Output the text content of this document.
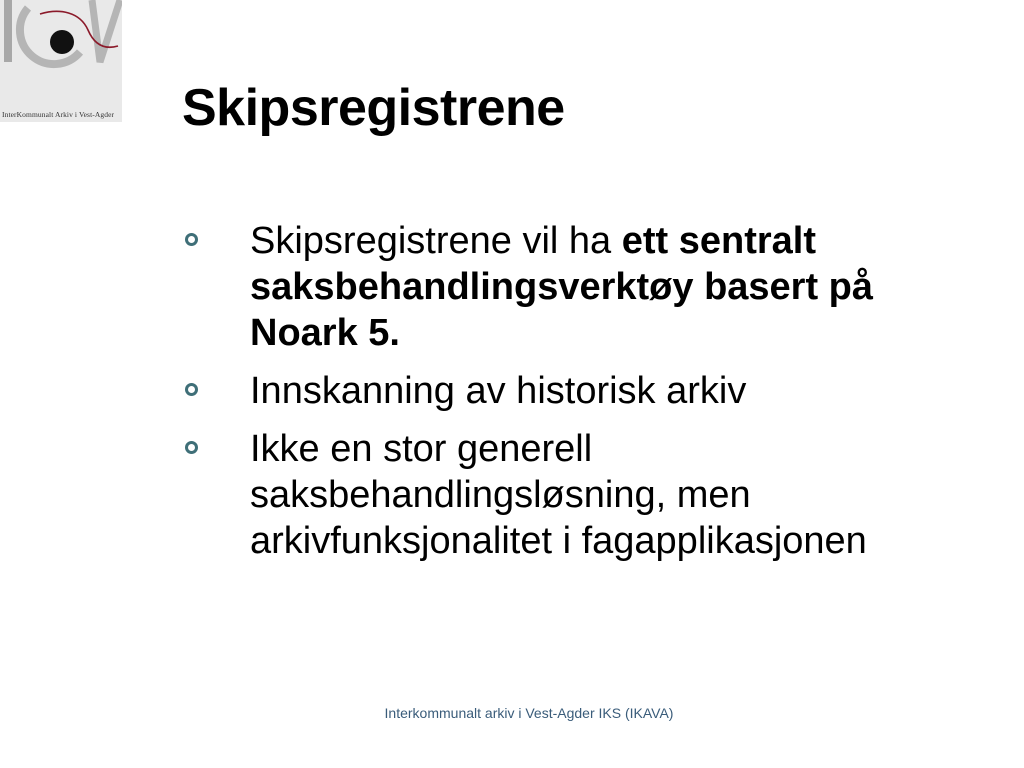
InterKommunalt Arkiv i Vest-Agder Skipsregistrene
Skipsregistrene vil ha ett sentralt saksbehandlingsverktøy basert på Noark 5.
Innskanning av historisk arkiv
Ikke en stor generell saksbehandlingsløsning, men arkivfunksjonalitet i fagapplikasjonen
Interkommunalt arkiv i Vest-Agder IKS (IKAVA)
